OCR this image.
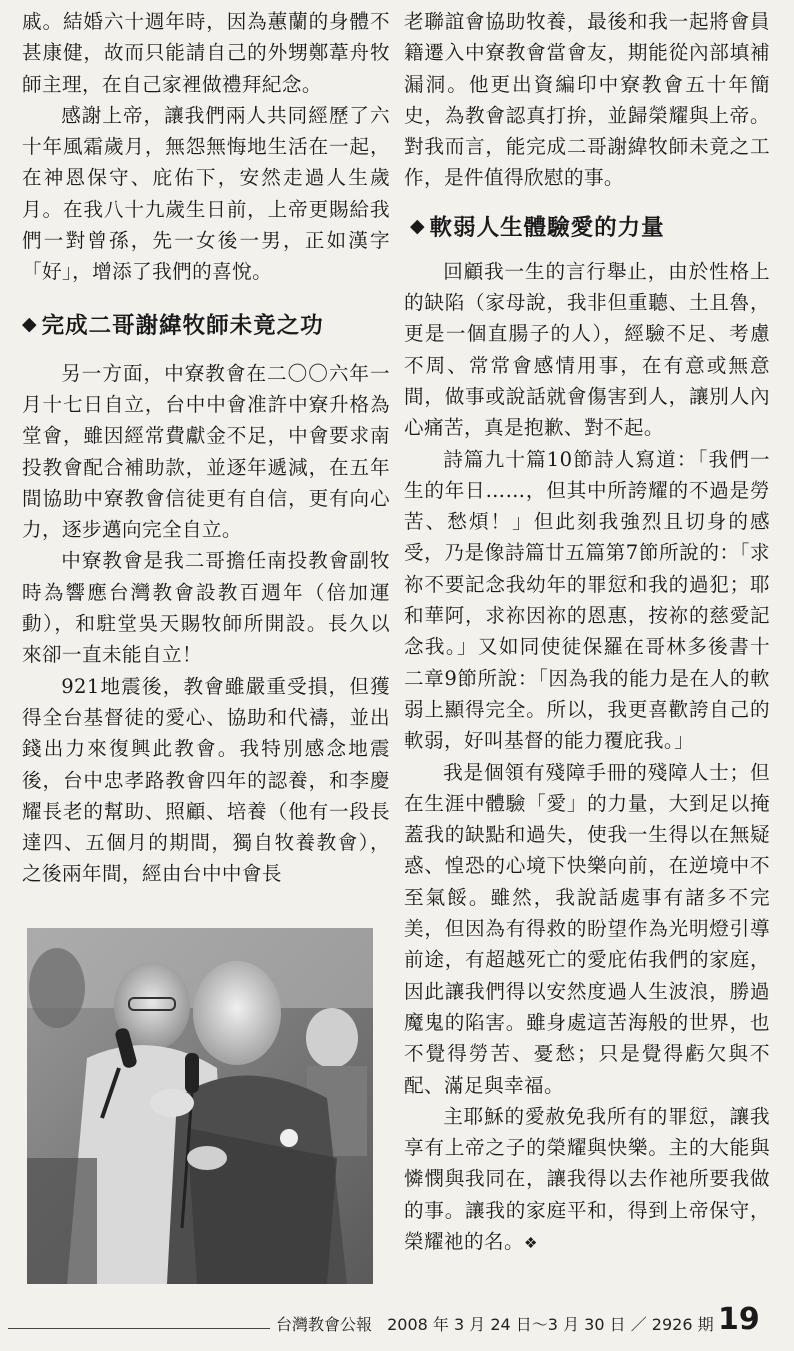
戚。結婚六十週年時，因為蕙蘭的身體不甚康健，故而只能請自己的外甥鄭葦舟牧師主理，在自己家裡做禮拜紀念。

感謝上帝，讓我們兩人共同經歷了六十年風霜歲月，無怨無悔地生活在一起，在神恩保守、庇佑下，安然走過人生歲月。在我八十九歲生日前，上帝更賜給我們一對曾孫，先一女後一男，正如漢字「好」，增添了我們的喜悅。

◆ 完成二哥謝緯牧師未竟之功

另一方面，中寮教會在二〇〇六年一月十七日自立，台中中會准許中寮升格為堂會，雖因經常費獻金不足，中會要求南投教會配合補助款，並逐年遞減，在五年間協助中寮教會信徒更有自信，更有向心力，逐步邁向完全自立。

中寮教會是我二哥擔任南投教會副牧時為響應台灣教會設教百週年（倍加運動），和駐堂吳天賜牧師所開設。長久以來卻一直未能自立！

921地震後，教會雖嚴重受損，但獲得全台基督徒的愛心、協助和代禱，並出錢出力來復興此教會。我特別感念地震後，台中忠孝路教會四年的認養，和李慶耀長老的幫助、照顧、培養（他有一段長達四、五個月的期間，獨自牧養教會），之後兩年間，經由台中中會長

老聯誼會協助牧養，最後和我一起將會員籍遷入中寮教會當會友，期能從內部填補漏洞。他更出資編印中寮教會五十年簡史，為教會認真打拚，並歸榮耀與上帝。對我而言，能完成二哥謝緯牧師未竟之工作，是件值得欣慰的事。

◆ 軟弱人生體驗愛的力量

回顧我一生的言行舉止，由於性格上的缺陷（家母說，我非但重聽、土且魯，更是一個直腸子的人），經驗不足、考慮不周、常常會感情用事，在有意或無意間，做事或說話就會傷害到人，讓別人內心痛苦，真是抱歉、對不起。

詩篇九十篇10節詩人寫道：「我們一生的年日……，但其中所誇耀的不過是勞苦、愁煩！」但此刻我強烈且切身的感受，乃是像詩篇廿五篇第7節所說的：「求祢不要記念我幼年的罪愆和我的過犯；耶和華阿，求祢因祢的恩惠，按祢的慈愛記念我。」又如同使徒保羅在哥林多後書十二章9節所說：「因為我的能力是在人的軟弱上顯得完全。所以，我更喜歡誇自己的軟弱，好叫基督的能力覆庇我。」

我是個領有殘障手冊的殘障人士；但在生涯中體驗「愛」的力量，大到足以掩蓋我的缺點和過失，使我一生得以在無疑惑、惶恐的心境下快樂向前，在逆境中不至氣餒。雖然，我說話處事有諸多不完美，但因為有得救的盼望作為光明燈引導前途，有超越死亡的愛庇佑我們的家庭，因此讓我們得以安然度過人生波浪，勝過魔鬼的陷害。雖身處這苦海般的世界，也不覺得勞苦、憂愁；只是覺得虧欠與不配、滿足與幸福。

主耶穌的愛赦免我所有的罪愆，讓我享有上帝之子的榮耀與快樂。主的大能與憐憫與我同在，讓我得以去作祂所要我做的事。讓我的家庭平和，得到上帝保守，榮耀祂的名。❖

台灣教會公報 2008 年 3 月 24 日～3 月 30 日 ／ 2926 期 19
